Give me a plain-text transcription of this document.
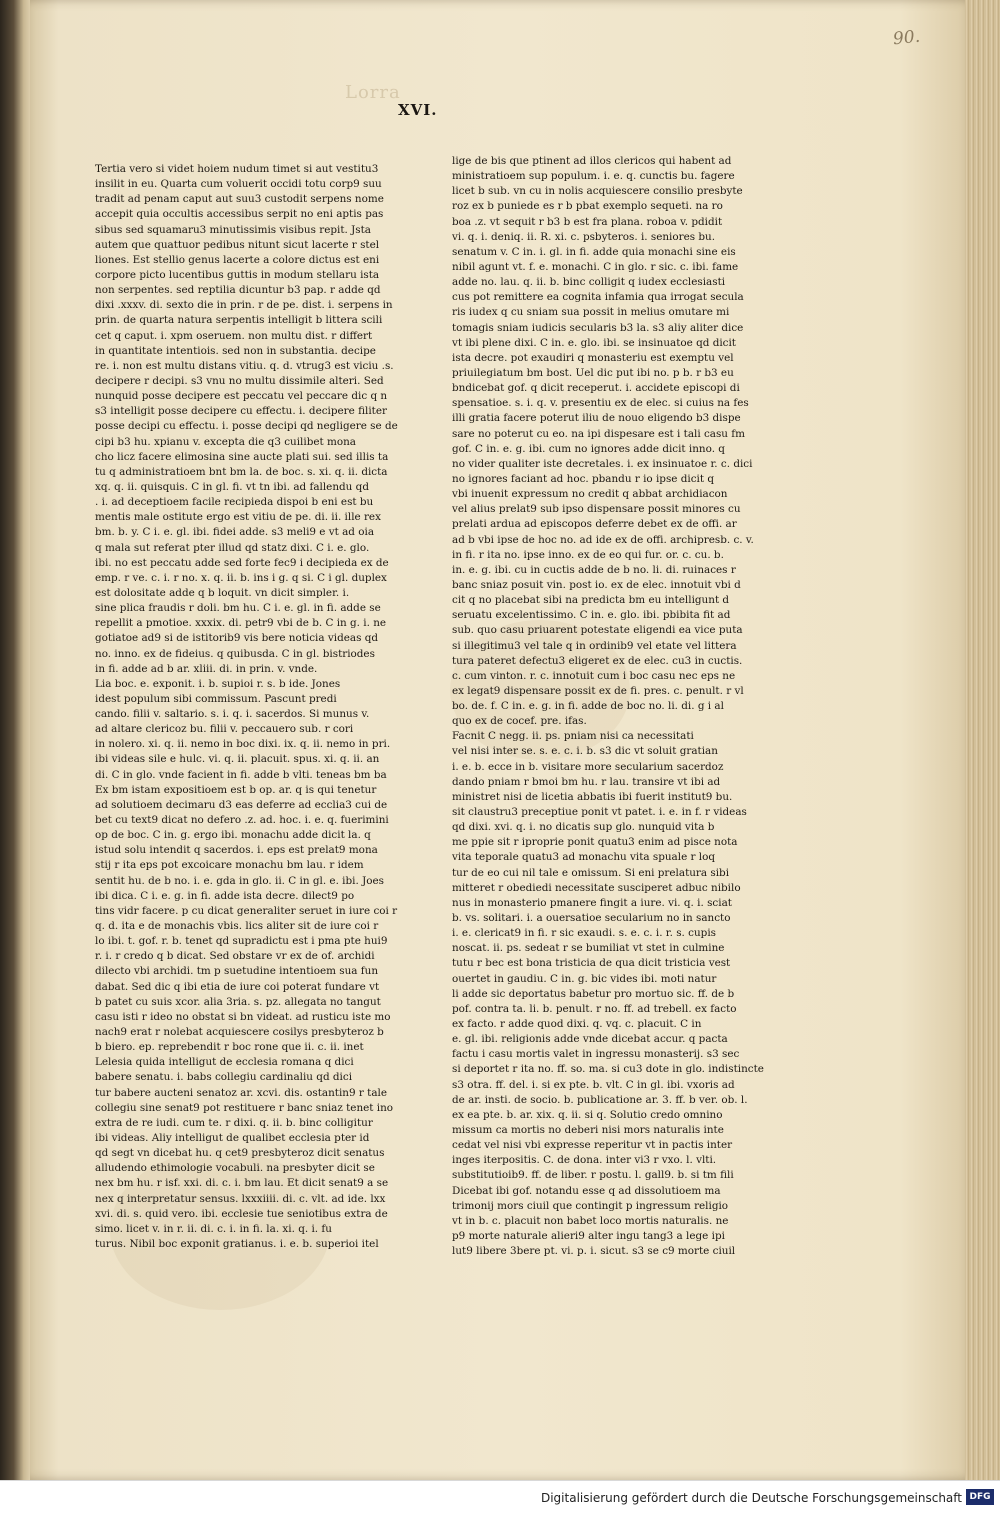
Lorra
XVI.
90.
Tertia vero si videt hoiem nudum timet si aut vestitu3
insilit in eu. Quarta cum voluerit occidi totu corp9 suu
tradit ad penam caput aut suu3 custodit serpens nome
accepit quia occultis accessibus serpit no eni aptis pas
sibus sed squamaru3 minutissimis visibus repit. Jsta
autem que quattuor pedibus nitunt sicut lacerte r stel
liones. Est stellio genus lacerte a colore dictus est eni
corpore picto lucentibus guttis in modum stellaru ista
non serpentes. sed reptilia dicuntur b3 pap. r adde qd
dixi .xxxv. di. sexto die in prin. r de pe. dist. i. serpens in
prin. de quarta natura serpentis intelligit b littera scili
cet q caput. i. xpm oseruem. non multu dist. r differt
in quantitate intentiois. sed non in substantia. decipe
re. i. non est multu distans vitiu. q. d. vtrug3 est viciu .s.
decipere r decipi. s3 vnu no multu dissimile alteri. Sed
nunquid posse decipere est peccatu vel peccare dic q n
s3 intelligit posse decipere cu effectu. i. decipere filiter
posse decipi cu effectu. i. posse decipi qd negligere se de
cipi b3 hu. xpianu v. excepta die q3 cuilibet mona
cho licz facere elimosina sine aucte plati sui. sed illis ta
tu q administratioem bnt bm la. de boc. s. xi. q. ii. dicta
xq. q. ii. quisquis. C in gl. fi. vt tn ibi. ad fallendu qd
. i. ad deceptioem facile recipieda dispoi b eni est bu
mentis male ostitute ergo est vitiu de pe. di. ii. ille rex
bm. b. y. C i. e. gl. ibi. fidei adde. s3 meli9 e vt ad oia
q mala sut referat pter illud qd statz dixi. C i. e. glo.
ibi. no est peccatu adde sed forte fec9 i decipieda ex de
emp. r ve. c. i. r no. x. q. ii. b. ins i g. q si. C i gl. duplex
est dolositate adde q b loquit. vn dicit simpler. i.
sine plica fraudis r doli. bm hu. C i. e. gl. in fi. adde se
repellit a pmotioe. xxxix. di. petr9 vbi de b. C in g. i. ne
gotiatoe ad9 si de istitorib9 vis bere noticia videas qd
no. inno. ex de fideius. q quibusda. C in gl. bistriodes
in fi. adde ad b ar. xliii. di. in prin. v. vnde.
Lia boc. e. exponit. i. b. supioi r. s. b ide. Jones
idest populum sibi commissum. Pascunt predi
cando. filii v. saltario. s. i. q. i. sacerdos. Si munus v.
ad altare clericoz bu. filii v. peccauero sub. r cori
in nolero. xi. q. ii. nemo in boc dixi. ix. q. ii. nemo in pri.
ibi videas sile e hulc. vi. q. ii. placuit. spus. xi. q. ii. an
di. C in glo. vnde facient in fi. adde b vlti. teneas bm ba
Ex bm istam expositioem est b op. ar. q is qui tenetur
ad solutioem decimaru d3 eas deferre ad ecclia3 cui de
bet cu text9 dicat no defero .z. ad. hoc. i. e. q. fuerimini
op de boc. C in. g. ergo ibi. monachu adde dicit la. q
istud solu intendit q sacerdos. i. eps est prelat9 mona
stij r ita eps pot excoicare monachu bm lau. r idem
sentit hu. de b no. i. e. gda in glo. ii. C in gl. e. ibi. Joes
ibi dica. C i. e. g. in fi. adde ista decre. dilect9 po
tins vidr facere. p cu dicat generaliter seruet in iure coi r
q. d. ita e de monachis vbis. lics aliter sit de iure coi r
lo ibi. t. gof. r. b. tenet qd supradictu est i pma pte hui9
r. i. r credo q b dicat. Sed obstare vr ex de of. archidi
dilecto vbi archidi. tm p suetudine intentioem sua fun
dabat. Sed dic q ibi etia de iure coi poterat fundare vt
b patet cu suis xcor. alia 3ria. s. pz. allegata no tangut
casu isti r ideo no obstat si bn videat. ad rusticu iste mo
nach9 erat r nolebat acquiescere cosilys presbyteroz b
b biero. ep. reprebendit r boc rone que ii. c. ii. inet
Lelesia quida intelligut de ecclesia romana q dici
babere senatu. i. babs collegiu cardinaliu qd dici
tur babere aucteni senatoz ar. xcvi. dis. ostantin9 r tale
collegiu sine senat9 pot restituere r banc sniaz tenet ino
extra de re iudi. cum te. r dixi. q. ii. b. binc colligitur
ibi videas. Aliy intelligut de qualibet ecclesia pter id
qd segt vn dicebat hu. q cet9 presbyteroz dicit senatus
alludendo ethimologie vocabuli. na presbyter dicit se
nex bm hu. r isf. xxi. di. c. i. bm lau. Et dicit senat9 a se
nex q interpretatur sensus. lxxxiiii. di. c. vlt. ad ide. lxx
xvi. di. s. quid vero. ibi. ecclesie tue seniotibus extra de
simo. licet v. in r. ii. di. c. i. in fi. la. xi. q. i. fu
turus. Nibil boc exponit gratianus. i. e. b. superioi itel
lige de bis que ptinent ad illos clericos qui habent ad
ministratioem sup populum. i. e. q. cunctis bu. fagere
licet b sub. vn cu in nolis acquiescere consilio presbyte
roz ex b puniede es r b pbat exemplo sequeti. na ro
boa .z. vt sequit r b3 b est fra plana. roboa v. pdidit
vi. q. i. deniq. ii. R. xi. c. psbyteros. i. seniores bu.
senatum v. C in. i. gl. in fi. adde quia monachi sine eis
nibil agunt vt. f. e. monachi. C in glo. r sic. c. ibi. fame
adde no. lau. q. ii. b. binc colligit q iudex ecclesiasti
cus pot remittere ea cognita infamia qua irrogat secula
ris iudex q cu sniam sua possit in melius omutare mi
tomagis sniam iudicis secularis b3 la. s3 aliy aliter dice
vt ibi plene dixi. C in. e. glo. ibi. se insinuatoe qd dicit
ista decre. pot exaudiri q monasteriu est exemptu vel
priuilegiatum bm bost. Uel dic put ibi no. p b. r b3 eu
bndicebat gof. q dicit receperut. i. accidete episcopi di
spensatioe. s. i. q. v. presentiu ex de elec. si cuius na fes
illi gratia facere poterut iliu de nouo eligendo b3 dispe
sare no poterut cu eo. na ipi dispesare est i tali casu fm
gof. C in. e. g. ibi. cum no ignores adde dicit inno. q
no vider qualiter iste decretales. i. ex insinuatoe r. c. dici
no ignores faciant ad hoc. pbandu r io ipse dicit q
vbi inuenit expressum no credit q abbat archidiacon
vel alius prelat9 sub ipso dispensare possit minores cu
prelati ardua ad episcopos deferre debet ex de offi. ar
ad b vbi ipse de hoc no. ad ide ex de offi. archipresb. c. v.
in fi. r ita no. ipse inno. ex de eo qui fur. or. c. cu. b.
in. e. g. ibi. cu in cuctis adde de b no. li. di. ruinaces r
banc sniaz posuit vin. post io. ex de elec. innotuit vbi d
cit q no placebat sibi na predicta bm eu intelligunt d
seruatu excelentissimo. C in. e. glo. ibi. pbibita fit ad
sub. quo casu priuarent potestate eligendi ea vice puta
si illegitimu3 vel tale q in ordinib9 vel etate vel littera
tura pateret defectu3 eligeret ex de elec. cu3 in cuctis.
c. cum vinton. r. c. innotuit cum i boc casu nec eps ne
ex legat9 dispensare possit ex de fi. pres. c. penult. r vl
bo. de. f. C in. e. g. in fi. adde de boc no. li. di. g i al
quo ex de cocef. pre. ifas.
Facnit C negg. ii. ps. pniam nisi ca necessitati
vel nisi inter se. s. e. c. i. b. s3 dic vt soluit gratian
i. e. b. ecce in b. visitare more secularium sacerdoz
dando pniam r bmoi bm hu. r lau. transire vt ibi ad
ministret nisi de licetia abbatis ibi fuerit institut9 bu.
sit claustru3 preceptiue ponit vt patet. i. e. in f. r videas
qd dixi. xvi. q. i. no dicatis sup glo. nunquid vita b
me ppie sit r iproprie ponit quatu3 enim ad pisce nota
vita teporale quatu3 ad monachu vita spuale r loq
tur de eo cui nil tale e omissum. Si eni prelatura sibi
mitteret r obediedi necessitate susciperet adbuc nibilo
nus in monasterio pmanere fingit a iure. vi. q. i. sciat
b. vs. solitari. i. a ouersatioe secularium no in sancto
i. e. clericat9 in fi. r sic exaudi. s. e. c. i. r. s. cupis
noscat. ii. ps. sedeat r se bumiliat vt stet in culmine
tutu r bec est bona tristicia de qua dicit tristicia vest
ouertet in gaudiu. C in. g. bic vides ibi. moti natur
li adde sic deportatus babetur pro mortuo sic. ff. de b
pof. contra ta. li. b. penult. r no. ff. ad trebell. ex facto
ex facto. r adde quod dixi. q. vq. c. placuit. C in
e. gl. ibi. religionis adde vnde dicebat accur. q pacta
factu i casu mortis valet in ingressu monasterij. s3 sec
si deportet r ita no. ff. so. ma. si cu3 dote in glo. indistincte
s3 otra. ff. del. i. si ex pte. b. vlt. C in gl. ibi. vxoris ad
de ar. insti. de socio. b. publicatione ar. 3. ff. b ver. ob. l.
ex ea pte. b. ar. xix. q. ii. si q. Solutio credo omnino
missum ca mortis no deberi nisi mors naturalis inte
cedat vel nisi vbi expresse reperitur vt in pactis inter
inges iterpositis. C. de dona. inter vi3 r vxo. l. vlti.
substitutioib9. ff. de liber. r postu. l. gall9. b. si tm fili
Dicebat ibi gof. notandu esse q ad dissolutioem ma
trimonij mors ciuil que contingit p ingressum religio
vt in b. c. placuit non babet loco mortis naturalis. ne
p9 morte naturale alieri9 alter ingu tang3 a lege ipi
lut9 libere 3bere pt. vi. p. i. sicut. s3 se c9 morte ciuil
Digitalisierung gefördert durch die Deutsche Forschungsgemeinschaft DFG
